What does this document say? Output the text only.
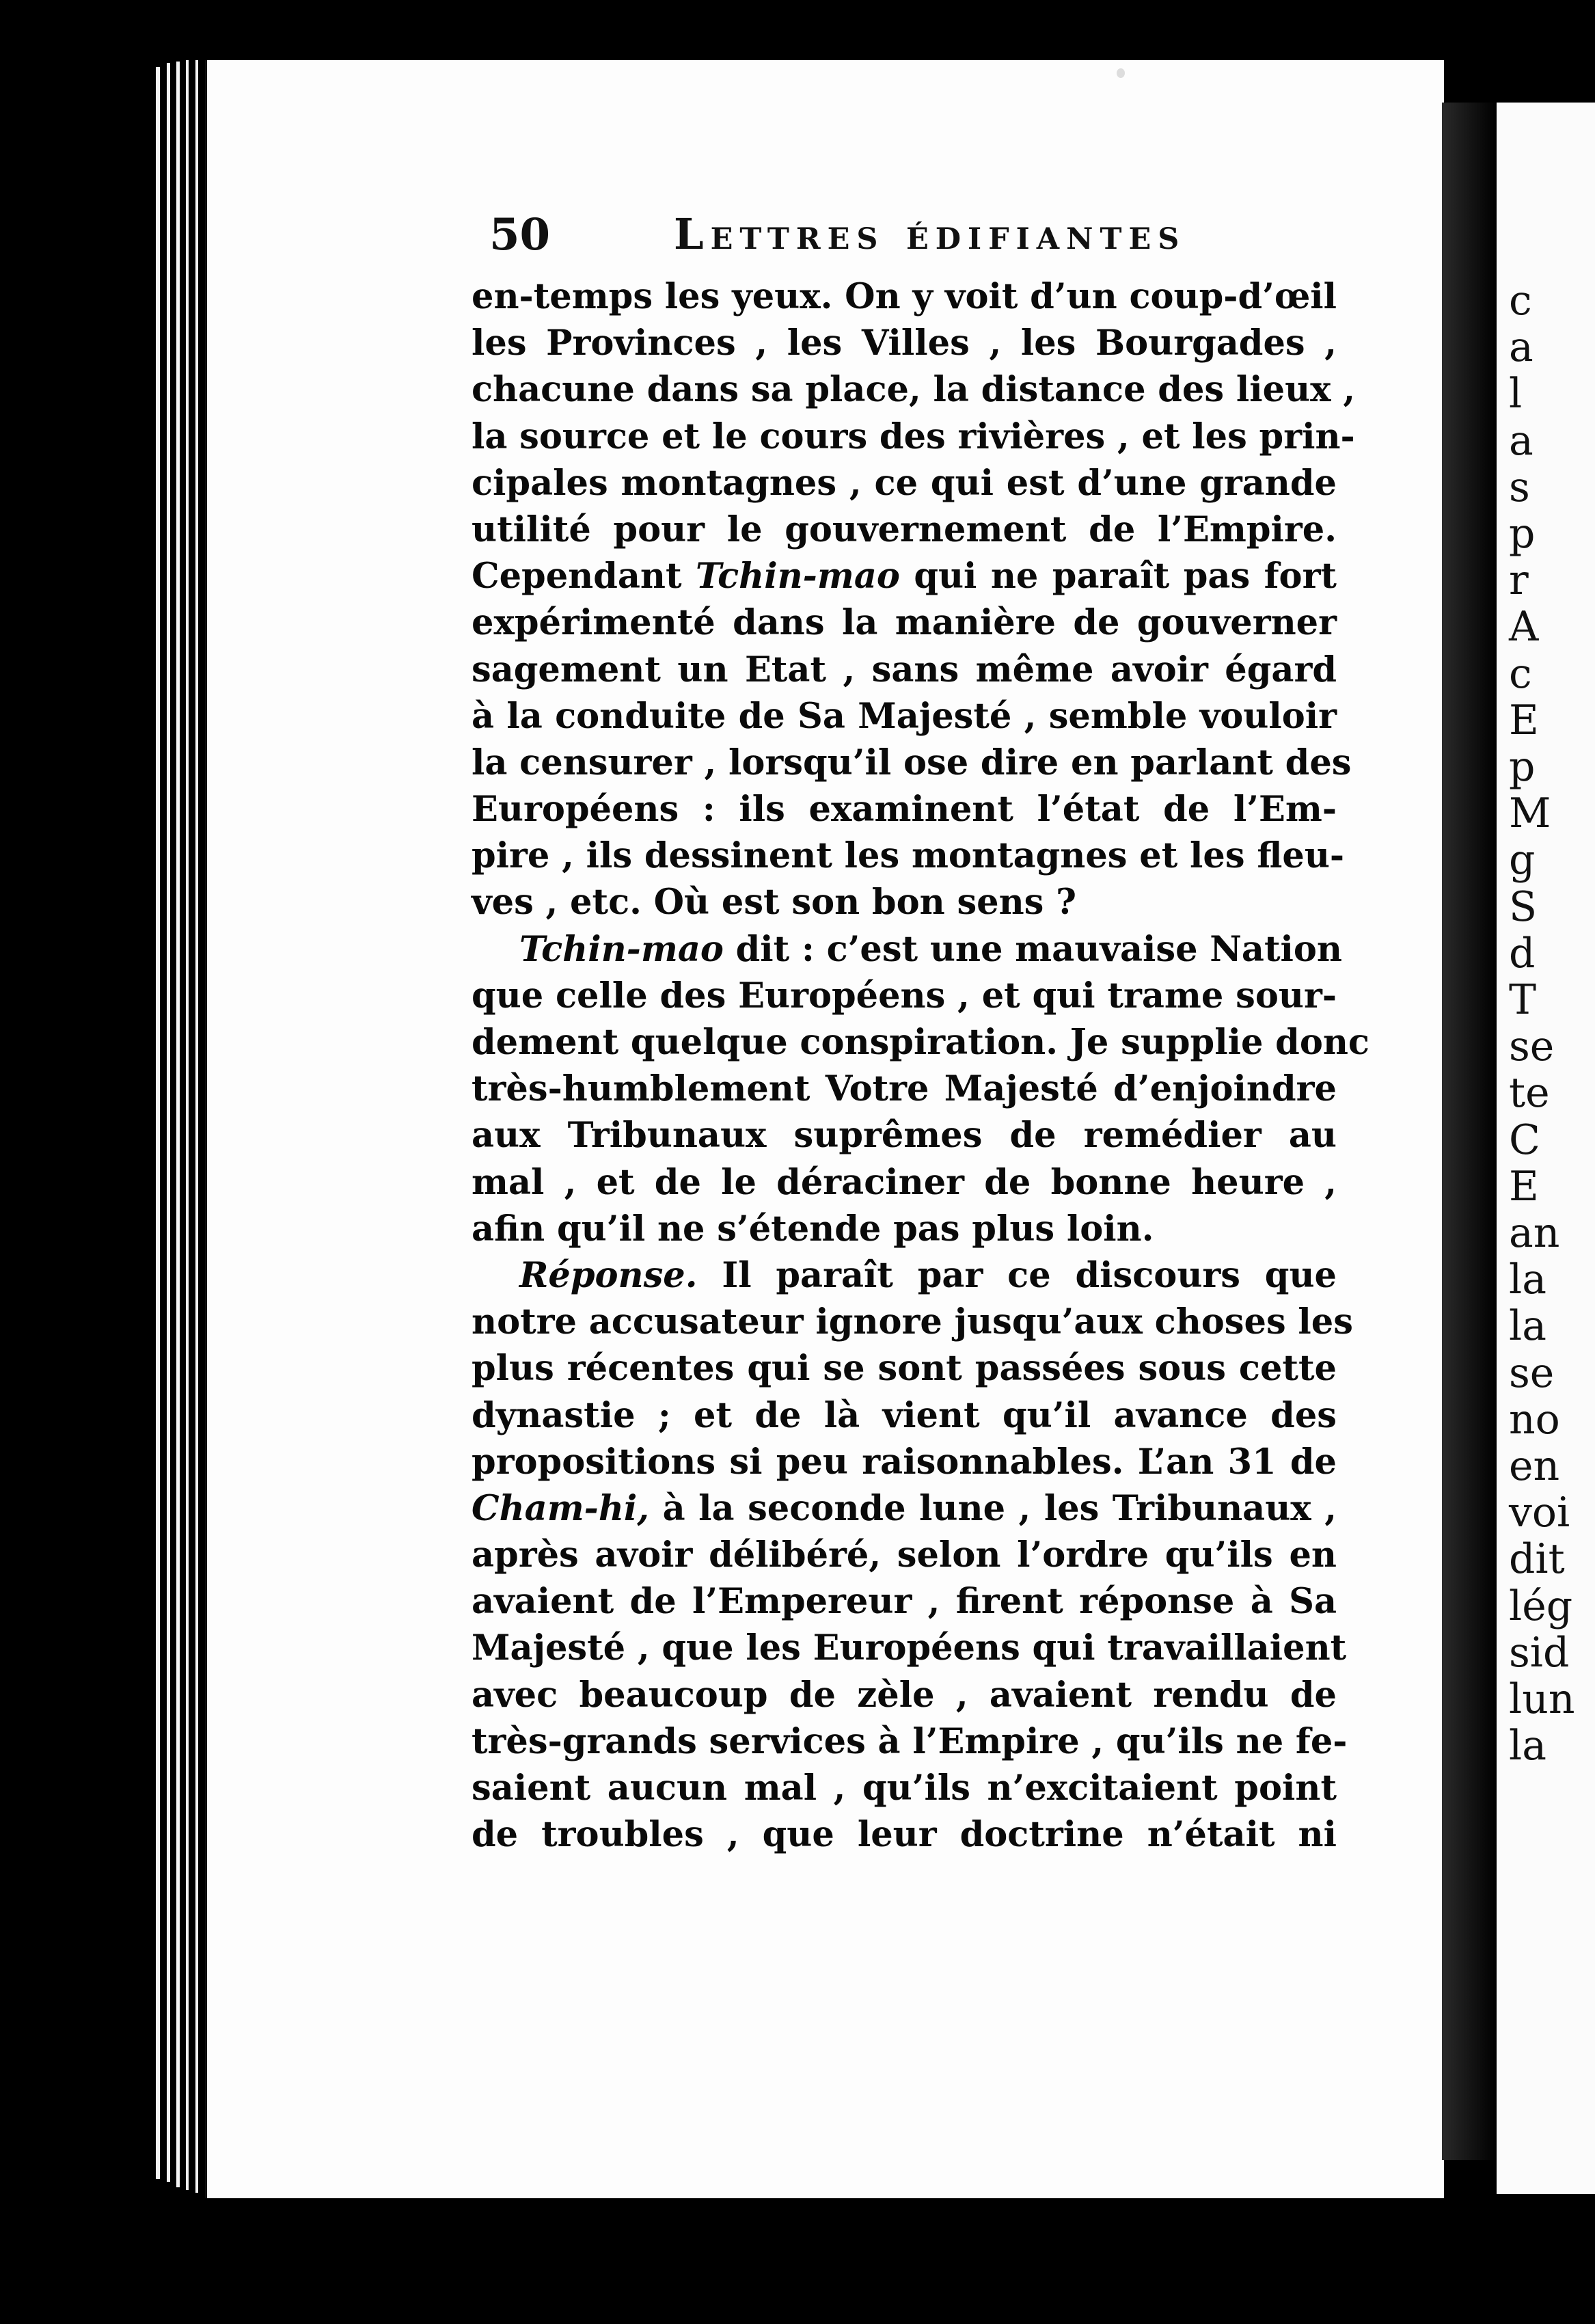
c
a
l
a
s
p
r
A
c
E
p
M
g
S
d
T
se
te
C
E
an
la
la
se
no
en
voi
dit
lég
sid
lun
la
50	Lettres édifiantes
en-temps les yeux. On y voit d’un coup-d’œil
les Provinces , les Villes , les Bourgades ,
chacune dans sa place, la distance des lieux ,
la source et le cours des rivières , et les prin-
cipales montagnes , ce qui est d’une grande
utilité pour le gouvernement de l’Empire.
Cependant Tchin-mao qui ne paraît pas fort
expérimenté dans la manière de gouverner
sagement un Etat , sans même avoir égard
à la conduite de Sa Majesté , semble vouloir
la censurer , lorsqu’il ose dire en parlant des
Européens : ils examinent l’état de l’Em-
pire , ils dessinent les montagnes et les fleu-
ves , etc. Où est son bon sens ?
Tchin-mao dit : c’est une mauvaise Nation
que celle des Européens , et qui trame sour-
dement quelque conspiration. Je supplie donc
très-humblement Votre Majesté d’enjoindre
aux Tribunaux suprêmes de remédier au
mal , et de le déraciner de bonne heure ,
afin qu’il ne s’étende pas plus loin.
Réponse. Il paraît par ce discours que
notre accusateur ignore jusqu’aux choses les
plus récentes qui se sont passées sous cette
dynastie ; et de là vient qu’il avance des
propositions si peu raisonnables. L’an 31 de
Cham-hi, à la seconde lune , les Tribunaux ,
après avoir délibéré, selon l’ordre qu’ils en
avaient de l’Empereur , firent réponse à Sa
Majesté , que les Européens qui travaillaient
avec beaucoup de zèle , avaient rendu de
très-grands services à l’Empire , qu’ils ne fe-
saient aucun mal , qu’ils n’excitaient point
de troubles , que leur doctrine n’était ni
